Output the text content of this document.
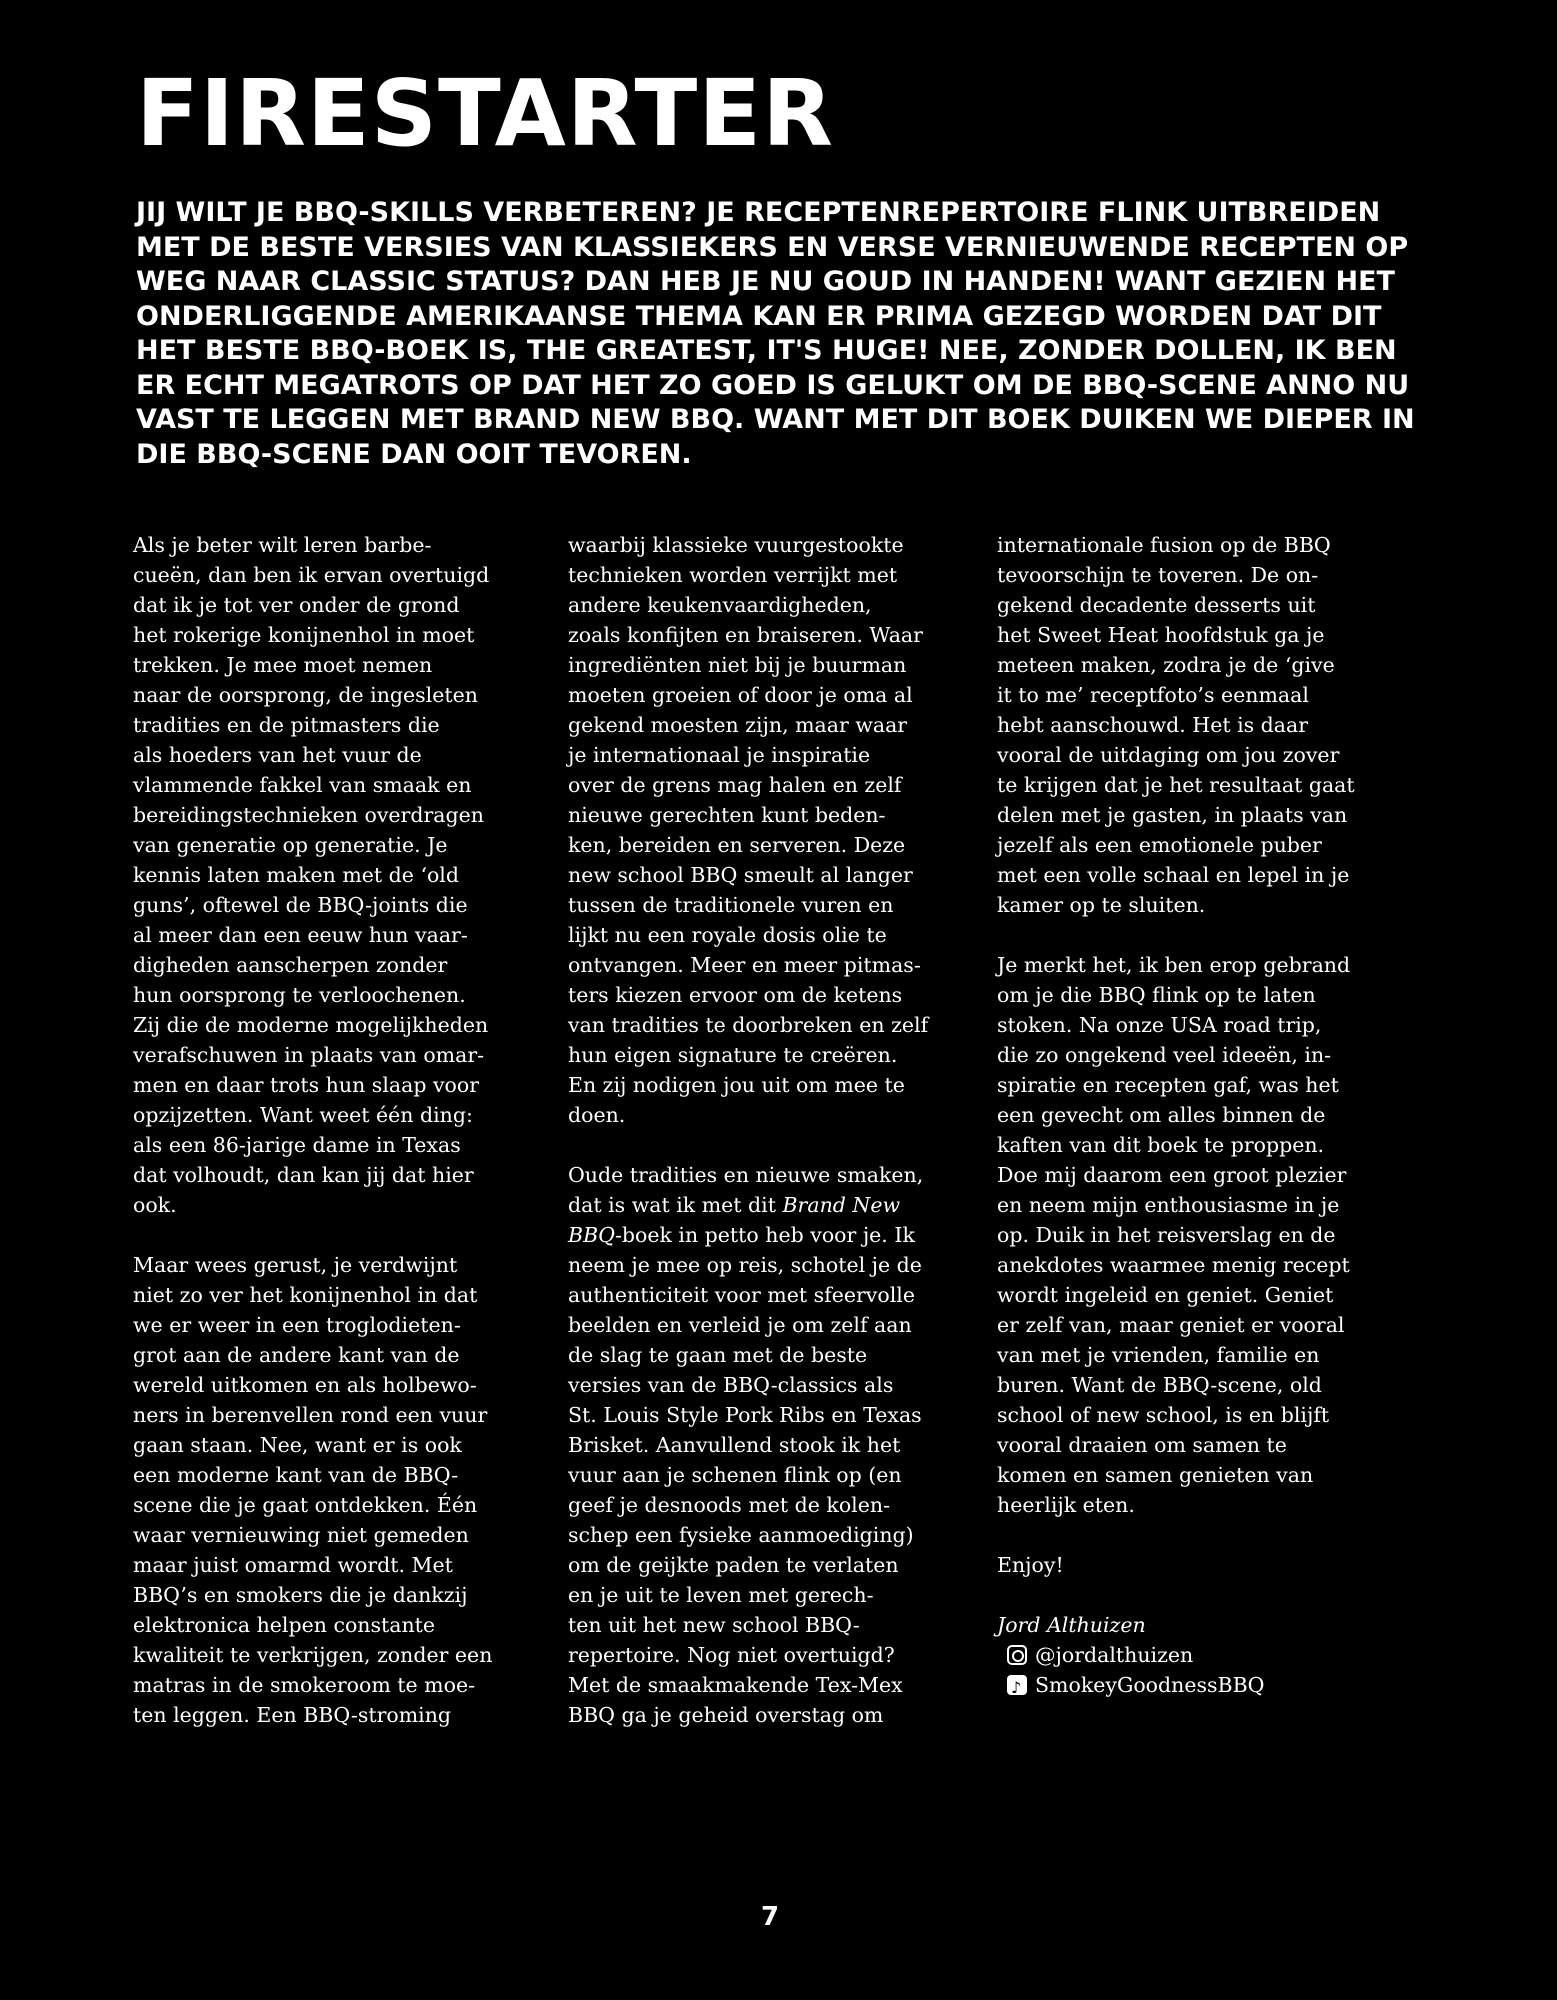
FIRESTARTER

JIJ WILT JE BBQ-SKILLS VERBETEREN? JE RECEPTENREPERTOIRE FLINK UITBREIDEN
MET DE BESTE VERSIES VAN KLASSIEKERS EN VERSE VERNIEUWENDE RECEPTEN OP
WEG NAAR CLASSIC STATUS? DAN HEB JE NU GOUD IN HANDEN! WANT GEZIEN HET
ONDERLIGGENDE AMERIKAANSE THEMA KAN ER PRIMA GEZEGD WORDEN DAT DIT
HET BESTE BBQ-BOEK IS, THE GREATEST, IT'S HUGE! NEE, ZONDER DOLLEN, IK BEN
ER ECHT MEGATROTS OP DAT HET ZO GOED IS GELUKT OM DE BBQ-SCENE ANNO NU
VAST TE LEGGEN MET BRAND NEW BBQ. WANT MET DIT BOEK DUIKEN WE DIEPER IN
DIE BBQ-SCENE DAN OOIT TEVOREN.

Als je beter wilt leren barbe-
cueën, dan ben ik ervan overtuigd
dat ik je tot ver onder de grond
het rokerige konijnenhol in moet
trekken. Je mee moet nemen
naar de oorsprong, de ingesleten
tradities en de pitmasters die
als hoeders van het vuur de
vlammende fakkel van smaak en
bereidingstechnieken overdragen
van generatie op generatie. Je
kennis laten maken met de ‘old
guns’, oftewel de BBQ-joints die
al meer dan een eeuw hun vaar-
digheden aanscherpen zonder
hun oorsprong te verloochenen.
Zij die de moderne mogelijkheden
verafschuwen in plaats van omar-
men en daar trots hun slaap voor
opzijzetten. Want weet één ding:
als een 86-jarige dame in Texas
dat volhoudt, dan kan jij dat hier
ook.

Maar wees gerust, je verdwijnt
niet zo ver het konijnenhol in dat
we er weer in een troglodieten-
grot aan de andere kant van de
wereld uitkomen en als holbewo-
ners in berenvellen rond een vuur
gaan staan. Nee, want er is ook
een moderne kant van de BBQ-
scene die je gaat ontdekken. Één
waar vernieuwing niet gemeden
maar juist omarmd wordt. Met
BBQ’s en smokers die je dankzij
elektronica helpen constante
kwaliteit te verkrijgen, zonder een
matras in de smokeroom te moe-
ten leggen. Een BBQ-stroming

waarbij klassieke vuurgestookte
technieken worden verrijkt met
andere keukenvaardigheden,
zoals konfijten en braiseren. Waar
ingrediënten niet bij je buurman
moeten groeien of door je oma al
gekend moesten zijn, maar waar
je internationaal je inspiratie
over de grens mag halen en zelf
nieuwe gerechten kunt beden-
ken, bereiden en serveren. Deze
new school BBQ smeult al langer
tussen de traditionele vuren en
lijkt nu een royale dosis olie te
ontvangen. Meer en meer pitmas-
ters kiezen ervoor om de ketens
van tradities te doorbreken en zelf
hun eigen signature te creëren.
En zij nodigen jou uit om mee te
doen.

Oude tradities en nieuwe smaken,
dat is wat ik met dit Brand New
BBQ-boek in petto heb voor je. Ik
neem je mee op reis, schotel je de
authenticiteit voor met sfeervolle
beelden en verleid je om zelf aan
de slag te gaan met de beste
versies van de BBQ-classics als
St. Louis Style Pork Ribs en Texas
Brisket. Aanvullend stook ik het
vuur aan je schenen flink op (en
geef je desnoods met de kolen-
schep een fysieke aanmoediging)
om de geijkte paden te verlaten
en je uit te leven met gerech-
ten uit het new school BBQ-
repertoire. Nog niet overtuigd?
Met de smaakmakende Tex-Mex
BBQ ga je geheid overstag om

internationale fusion op de BBQ
tevoorschijn te toveren. De on-
gekend decadente desserts uit
het Sweet Heat hoofdstuk ga je
meteen maken, zodra je de ‘give
it to me’ receptfoto’s eenmaal
hebt aanschouwd. Het is daar
vooral de uitdaging om jou zover
te krijgen dat je het resultaat gaat
delen met je gasten, in plaats van
jezelf als een emotionele puber
met een volle schaal en lepel in je
kamer op te sluiten.

Je merkt het, ik ben erop gebrand
om je die BBQ flink op te laten
stoken. Na onze USA road trip,
die zo ongekend veel ideeën, in-
spiratie en recepten gaf, was het
een gevecht om alles binnen de
kaften van dit boek te proppen.
Doe mij daarom een groot plezier
en neem mijn enthousiasme in je
op. Duik in het reisverslag en de
anekdotes waarmee menig recept
wordt ingeleid en geniet. Geniet
er zelf van, maar geniet er vooral
van met je vrienden, familie en
buren. Want de BBQ-scene, old
school of new school, is en blijft
vooral draaien om samen te
komen en samen genieten van
heerlijk eten.

Enjoy!

Jord Althuizen
@jordalthuizen
♪
SmokeyGoodnessBBQ
7
